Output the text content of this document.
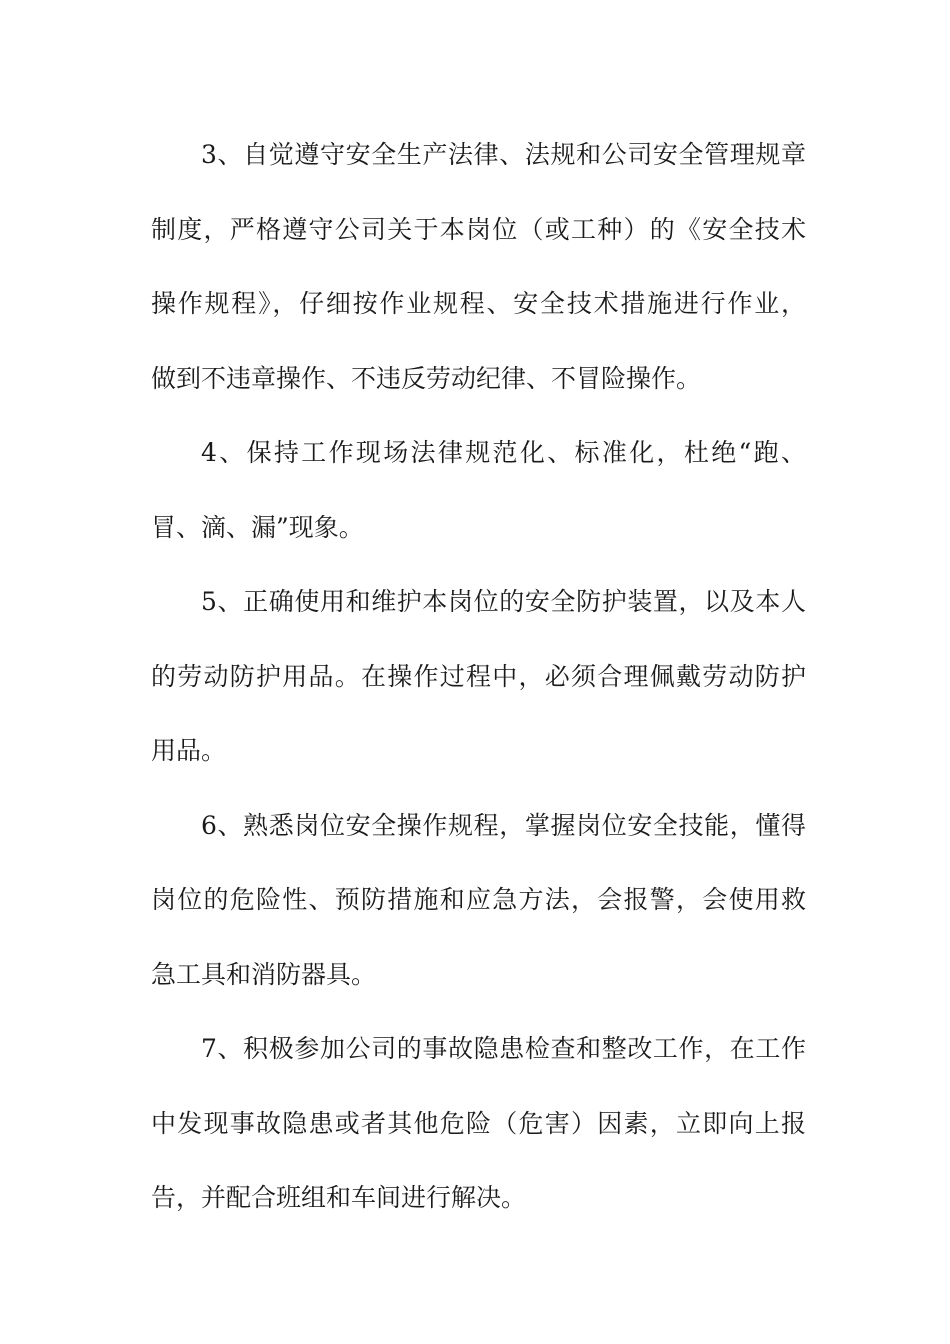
3、自觉遵守安全生产法律、法规和公司安全管理规章
制度，严格遵守公司关于本岗位（或工种）的《安全技术
操作规程》，仔细按作业规程、安全技术措施进行作业，
做到不违章操作、不违反劳动纪律、不冒险操作。
4、保持工作现场法律规范化、标准化，杜绝“跑、
冒、滴、漏”现象。
5、正确使用和维护本岗位的安全防护装置，以及本人
的劳动防护用品。在操作过程中，必须合理佩戴劳动防护
用品。
6、熟悉岗位安全操作规程，掌握岗位安全技能，懂得
岗位的危险性、预防措施和应急方法，会报警，会使用救
急工具和消防器具。
7、积极参加公司的事故隐患检查和整改工作，在工作
中发现事故隐患或者其他危险（危害）因素，立即向上报
告，并配合班组和车间进行解决。
